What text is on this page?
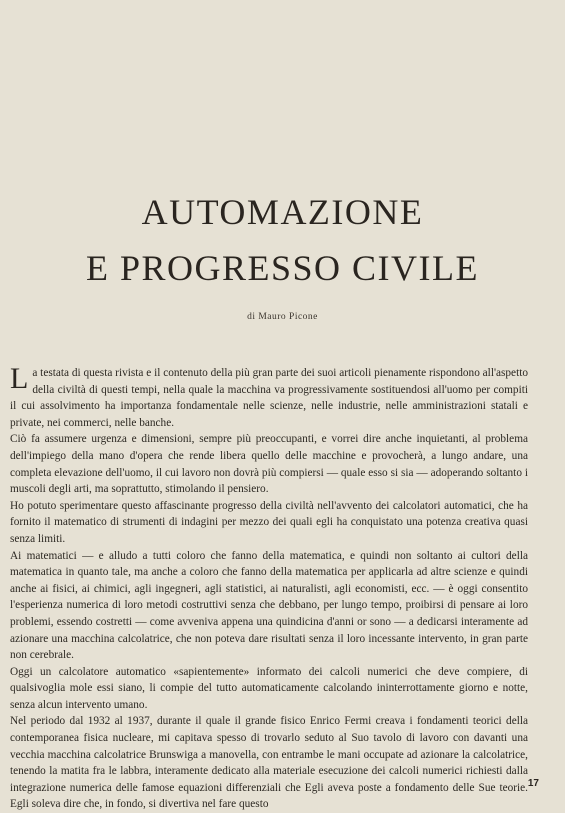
AUTOMAZIONE
E PROGRESSO CIVILE
di Mauro Picone

La testata di questa rivista e il contenuto della più gran parte dei suoi articoli pienamente rispondono all'aspetto della civiltà di questi tempi, nella quale la macchina va progressivamente sostituendosi all'uomo per compiti il cui assolvimento ha importanza fondamentale nelle scienze, nelle industrie, nelle amministrazioni statali e private, nei commerci, nelle banche.

Ciò fa assumere urgenza e dimensioni, sempre più preoccupanti, e vorrei dire anche inquietanti, al problema dell'impiego della mano d'opera che rende libera quello delle macchine e provocherà, a lungo andare, una completa elevazione dell'uomo, il cui lavoro non dovrà più compiersi — quale esso si sia — adoperando soltanto i muscoli degli arti, ma soprattutto, stimolando il pensiero.

Ho potuto sperimentare questo affascinante progresso della civiltà nell'avvento dei calcolatori automatici, che ha fornito il matematico di strumenti di indagini per mezzo dei quali egli ha conquistato una potenza creativa quasi senza limiti.

Ai matematici — e alludo a tutti coloro che fanno della matematica, e quindi non soltanto ai cultori della matematica in quanto tale, ma anche a coloro che fanno della matematica per applicarla ad altre scienze e quindi anche ai fisici, ai chimici, agli ingegneri, agli statistici, ai naturalisti, agli economisti, ecc. — è oggi consentito l'esperienza numerica di loro metodi costruttivi senza che debbano, per lungo tempo, proibirsi di pensare ai loro problemi, essendo costretti — come avveniva appena una quindicina d'anni or sono — a dedicarsi interamente ad azionare una macchina calcolatrice, che non poteva dare risultati senza il loro incessante intervento, in gran parte non cerebrale.

Oggi un calcolatore automatico «sapientemente» informato dei calcoli numerici che deve compiere, di qualsivoglia mole essi siano, li compie del tutto automaticamente calcolando ininterrottamente giorno e notte, senza alcun intervento umano.

Nel periodo dal 1932 al 1937, durante il quale il grande fisico Enrico Fermi creava i fondamenti teorici della contemporanea fisica nucleare, mi capitava spesso di trovarlo seduto al Suo tavolo di lavoro con davanti una vecchia macchina calcolatrice Brunswiga a manovella, con entrambe le mani occupate ad azionare la calcolatrice, tenendo la matita fra le labbra, interamente dedicato alla materiale esecuzione dei calcoli numerici richiesti dalla integrazione numerica delle famose equazioni differenziali che Egli aveva poste a fondamento delle Sue teorie. Egli soleva dire che, in fondo, si divertiva nel fare questo

17
